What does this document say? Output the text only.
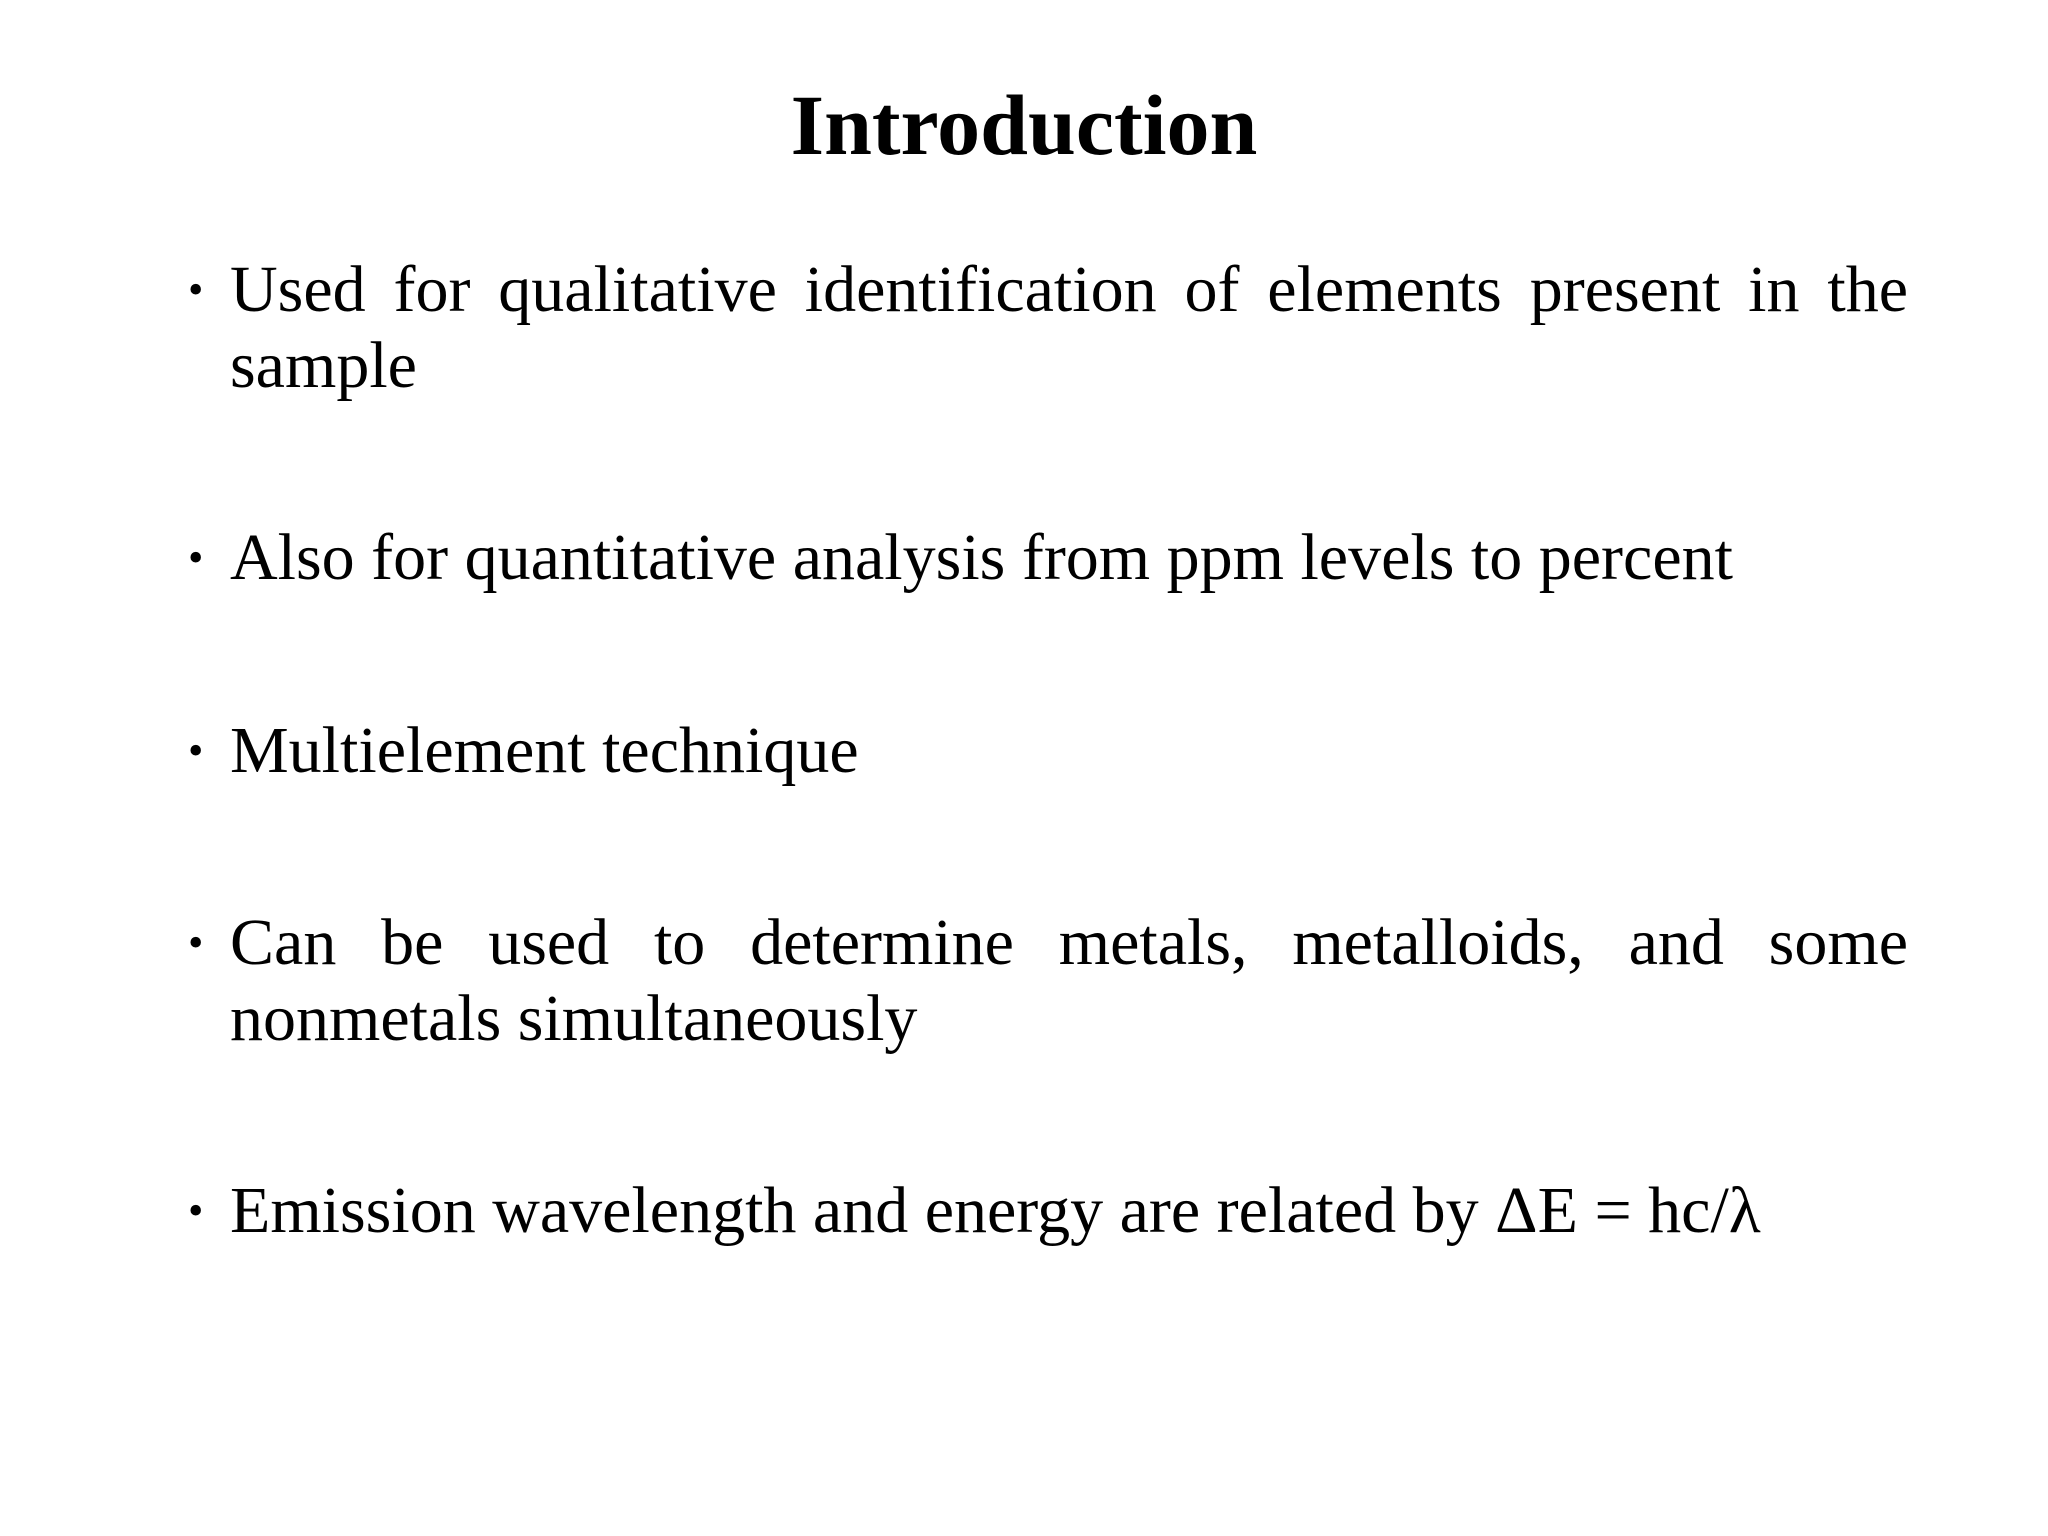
Introduction
• Used for qualitative identification of elements present in the sample
• Also for quantitative analysis from ppm levels to percent
• Multielement technique
• Can be used to determine metals, metalloids, and some nonmetals simultaneously
• Emission wavelength and energy are related by ΔE = hc/λ
